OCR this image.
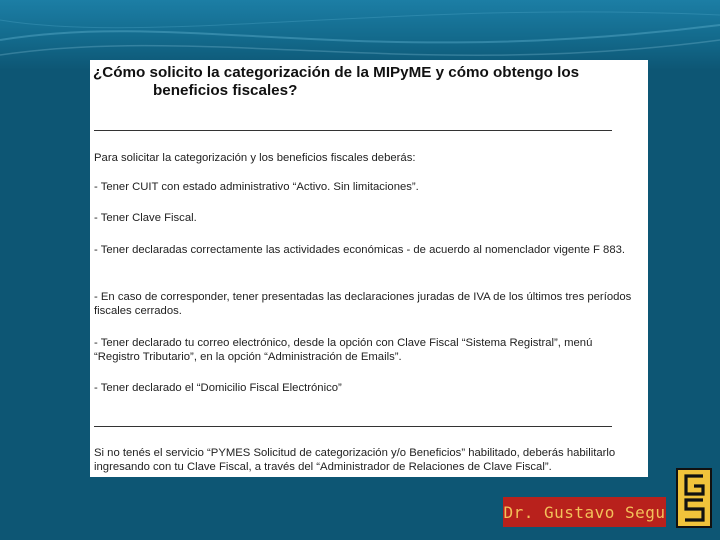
¿Cómo solicito la categorización de la MIPyME y cómo obtengo los
beneficios fiscales?
Para solicitar la categorización y los beneficios fiscales deberás:
- Tener CUIT con estado administrativo “Activo. Sin limitaciones”.
- Tener Clave Fiscal.
- Tener declaradas correctamente las actividades económicas - de acuerdo al nomenclador vigente F 883.
- En caso de corresponder, tener presentadas las declaraciones juradas de IVA de los últimos tres períodos fiscales cerrados.
- Tener declarado tu correo electrónico, desde la opción con Clave Fiscal “Sistema Registral”, menú “Registro Tributario”, en la opción “Administración de Emails”.
- Tener declarado el “Domicilio Fiscal Electrónico”
Si no tenés el servicio “PYMES Solicitud de categorización y/o Beneficios” habilitado, deberás habilitarlo ingresando con tu Clave Fiscal, a través del “Administrador de Relaciones de Clave Fiscal”.
Dr. Gustavo Segu
